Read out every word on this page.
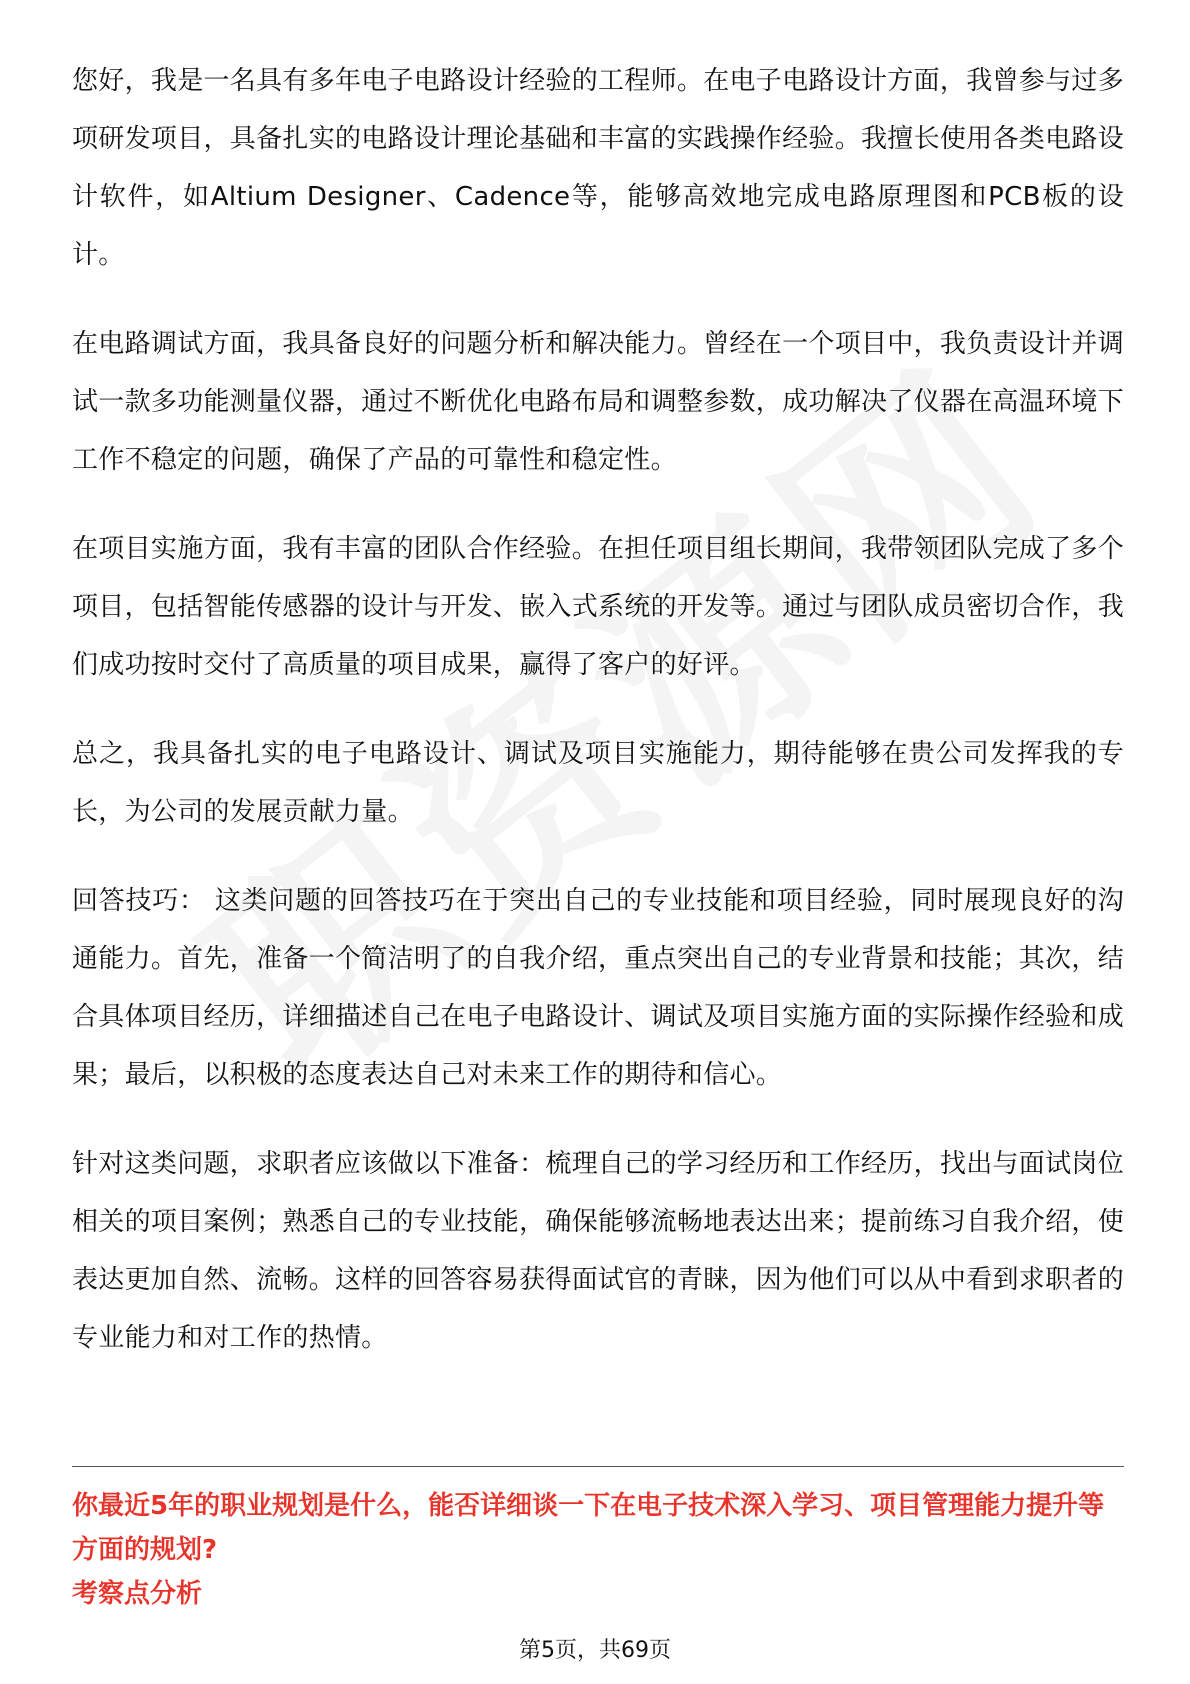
您好，我是一名具有多年电子电路设计经验的工程师。在电子电路设计方面，我曾参与过多项研发项目，具备扎实的电路设计理论基础和丰富的实践操作经验。我擅长使用各类电路设计软件，如Altium Designer、Cadence等，能够高效地完成电路原理图和PCB板的设计。

在电路调试方面，我具备良好的问题分析和解决能力。曾经在一个项目中，我负责设计并调试一款多功能测量仪器，通过不断优化电路布局和调整参数，成功解决了仪器在高温环境下工作不稳定的问题，确保了产品的可靠性和稳定性。

在项目实施方面，我有丰富的团队合作经验。在担任项目组长期间，我带领团队完成了多个项目，包括智能传感器的设计与开发、嵌入式系统的开发等。通过与团队成员密切合作，我们成功按时交付了高质量的项目成果，赢得了客户的好评。

总之，我具备扎实的电子电路设计、调试及项目实施能力，期待能够在贵公司发挥我的专长，为公司的发展贡献力量。

回答技巧： 这类问题的回答技巧在于突出自己的专业技能和项目经验，同时展现良好的沟通能力。首先，准备一个简洁明了的自我介绍，重点突出自己的专业背景和技能；其次，结合具体项目经历，详细描述自己在电子电路设计、调试及项目实施方面的实际操作经验和成果；最后，以积极的态度表达自己对未来工作的期待和信心。

针对这类问题，求职者应该做以下准备：梳理自己的学习经历和工作经历，找出与面试岗位相关的项目案例；熟悉自己的专业技能，确保能够流畅地表达出来；提前练习自我介绍，使表达更加自然、流畅。这样的回答容易获得面试官的青睐，因为他们可以从中看到求职者的专业能力和对工作的热情。

你最近5年的职业规划是什么，能否详细谈一下在电子技术深入学习、项目管理能力提升等方面的规划?

考察点分析

第5页，共69页
